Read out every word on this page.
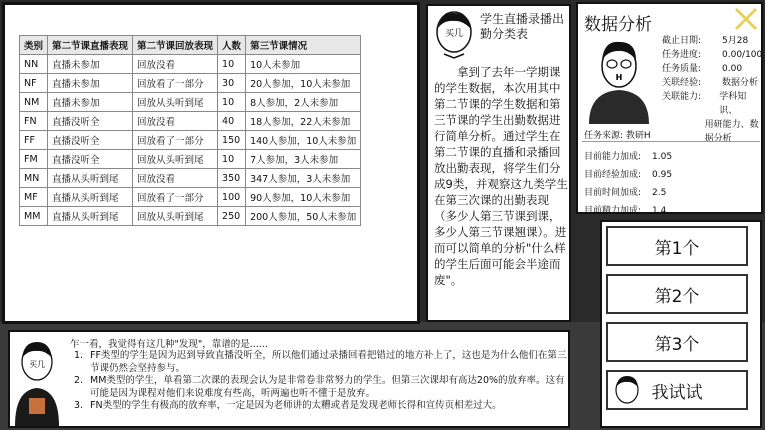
类别	第二节课直播表现	第二节课回放表现	人数	第三节课情况
NN	直播未参加	回放没看	10	10人未参加
NF	直播未参加	回放看了一部分	30	20人参加，10人未参加
NM	直播未参加	回放从头听到尾	10	8人参加，2人未参加
FN	直播没听全	回放没看	40	18人参加，22人未参加
FF	直播没听全	回放看了一部分	150	140人参加，10人未参加
FM	直播没听全	回放从头听到尾	10	7人参加，3人未参加
MN	直播从头听到尾	回放没看	350	347人参加，3人未参加
MF	直播从头听到尾	回放看了一部分	100	90人参加，10人未参加
MM	直播从头听到尾	回放从头听到尾	250	200人参加，50人未参加
买几
学生直播录播出勤分类表
拿到了去年一学期课的学生数据，本次用其中第二节课的学生数据和第三节课的学生出勤数据进行简单分析。通过学生在第二节课的直播和录播回放出勤表现，将学生们分成9类，并观察这九类学生在第三次课的出勤表现（多少人第三节课到课，多少人第三节课翘课）。进而可以简单的分析"什么样的学生后面可能会半途而废"。
数据分析
H
截止日期:	5月28
任务进度:	0.00/100
任务质量:	0.00
关联经验:	数据分析
关联能力:	学科知识、
用研能力、数据分析
任务来源: 教研H
目前能力加成:	1.05
目前经验加成:	0.95
目前时间加成:	2.5
目前精力加成:	1.4
第1个
第2个
第3个
我试试
买几
乍一看，我觉得有这几种"发现"，靠谱的是......
1. FF类型的学生是因为迟到导致直播没听全，所以他们通过录播回看把错过的地方补上了，这也是为什么他们在第三节课仍然会坚持参与。
2. MM类型的学生，单看第二次课的表现会认为是非常卷非常努力的学生。但第三次课却有高达20%的放弃率。这有可能是因为课程对他们来说难度有些高，听两遍也听不懂于是放弃。
3. FN类型的学生有极高的放弃率，一定是因为老师讲的太糟或者是发现老师长得和宣传页相差过大。
